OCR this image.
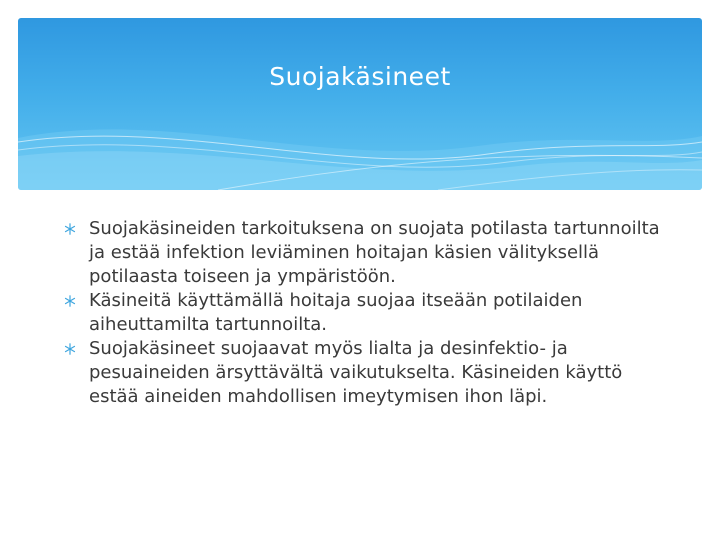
Suojakäsineet
Suojakäsineiden tarkoituksena on suojata potilasta tartunnoilta ja estää infektion leviäminen hoitajan käsien välityksellä potilaasta toiseen ja ympäristöön.
Käsineitä käyttämällä hoitaja suojaa itseään potilaiden aiheuttamilta tartunnoilta.
Suojakäsineet suojaavat myös lialta ja desinfektio- ja pesuaineiden ärsyttävältä vaikutukselta. Käsineiden käyttö estää aineiden mahdollisen imeytymisen ihon läpi.
